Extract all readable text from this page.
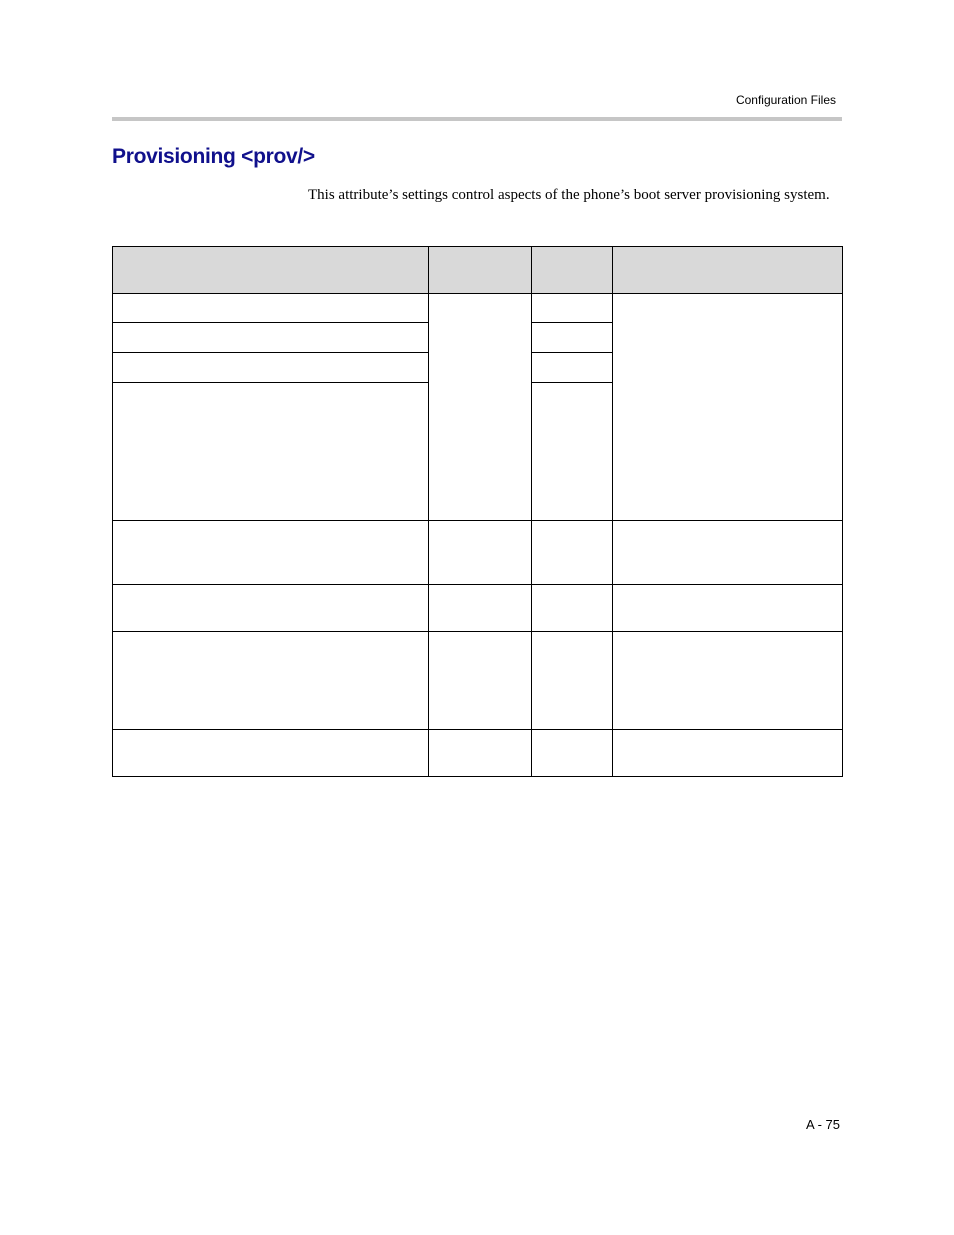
Configuration Files
Provisioning <prov/>

This attribute’s settings control aspects of the phone’s boot server provisioning system.

A - 75
